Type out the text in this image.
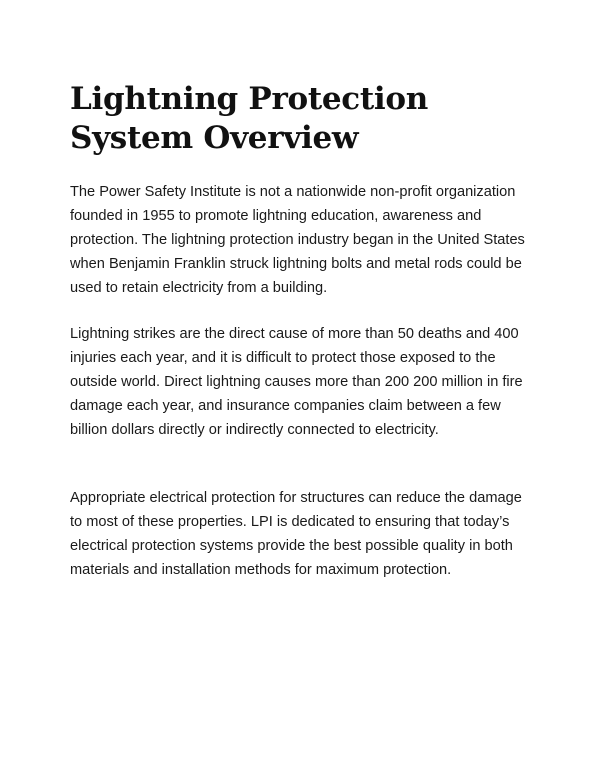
Lightning Protection
System Overview

The Power Safety Institute is not a nationwide non-profit organization founded in 1955 to promote lightning education, awareness and protection. The lightning protection industry began in the United States when Benjamin Franklin struck lightning bolts and metal rods could be used to retain electricity from a building.

Lightning strikes are the direct cause of more than 50 deaths and 400 injuries each year, and it is difficult to protect those exposed to the outside world. Direct lightning causes more than 200 200 million in fire damage each year, and insurance companies claim between a few billion dollars directly or indirectly connected to electricity.

Appropriate electrical protection for structures can reduce the damage to most of these properties. LPI is dedicated to ensuring that today’s electrical protection systems provide the best possible quality in both materials and installation methods for maximum protection.
